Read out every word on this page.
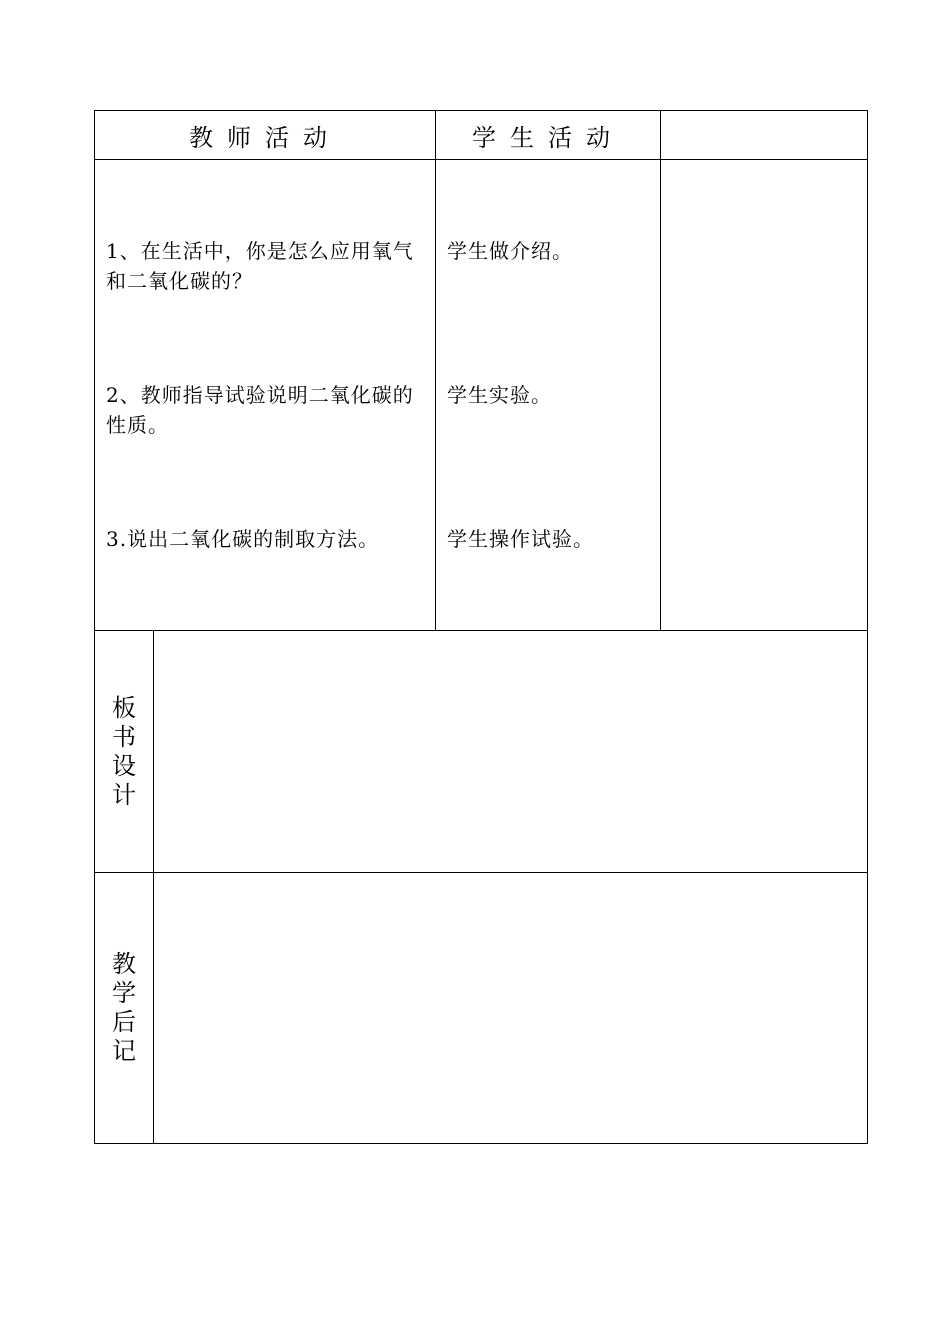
教师活动	学生活动
1、在生活中，你是怎么应用氧气
和二氧化碳的？
2、教师指导试验说明二氧化碳的
性质。
3.说出二氧化碳的制取方法。
学生做介绍。
学生实验。
学生操作试验。
板
书
设
计
教
学
后
记
